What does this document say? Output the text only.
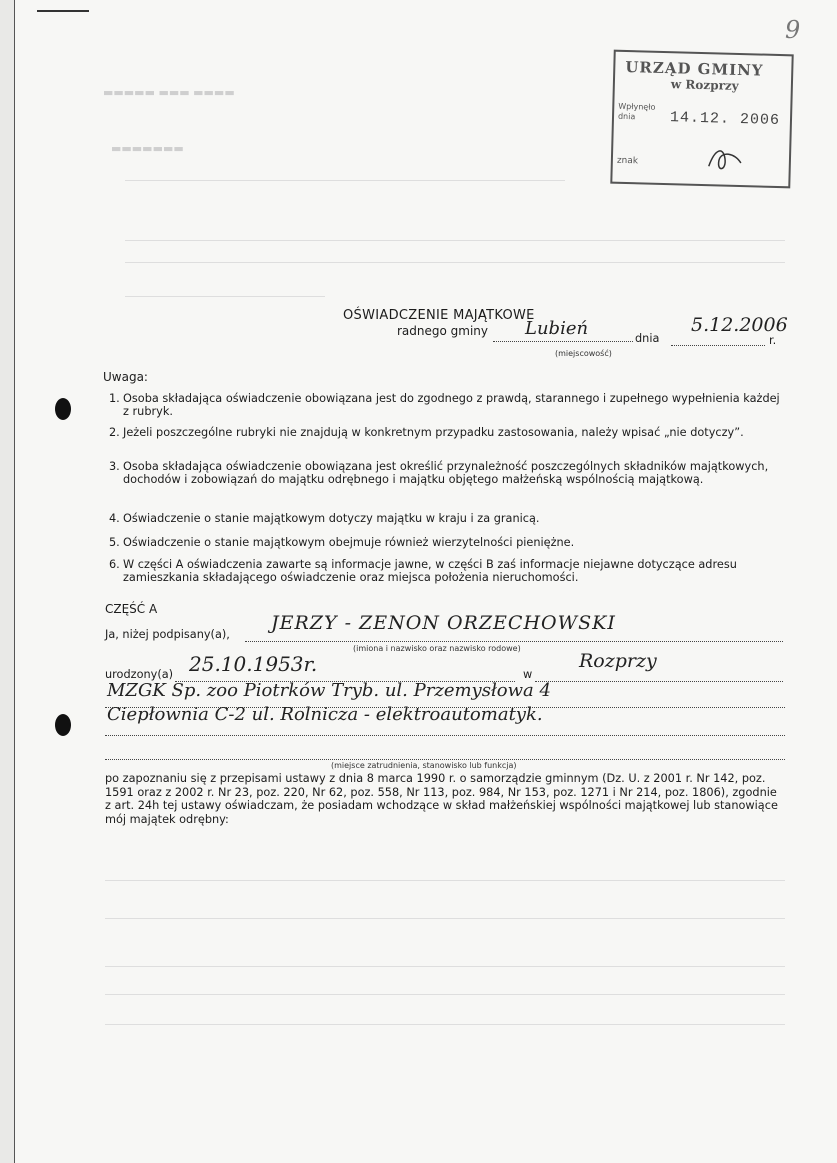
9
▬▬▬▬▬ ▬▬▬ ▬▬▬▬
▬▬▬▬▬▬▬
URZĄD GMINY
w Rozprzy
Wpłynęło
dnia 14.12. 2006
znak
OŚWIADCZENIE MAJĄTKOWE
radnego gminy Lubień
(miejscowość)
dnia
5.12.2006
r.
Uwaga:
1. Osoba składająca oświadczenie obowiązana jest do zgodnego z prawdą, starannego i zupełnego wypełnienia każdej z rubryk.
2. Jeżeli poszczególne rubryki nie znajdują w konkretnym przypadku zastosowania, należy wpisać „nie dotyczy”.
3. Osoba składająca oświadczenie obowiązana jest określić przynależność poszczególnych składników majątkowych, dochodów i zobowiązań do majątku odrębnego i majątku objętego małżeńską wspólnością majątkową.
4. Oświadczenie o stanie majątkowym dotyczy majątku w kraju i za granicą.
5. Oświadczenie o stanie majątkowym obejmuje również wierzytelności pieniężne.
6. W części A oświadczenia zawarte są informacje jawne, w części B zaś informacje niejawne dotyczące adresu zamieszkania składającego oświadczenie oraz miejsca położenia nieruchomości.
CZĘŚĆ A
Ja, niżej podpisany(a),
JERZY - ZENON ORZECHOWSKI
(imiona i nazwisko oraz nazwisko rodowe)
urodzony(a) 25.10.1953r.	w
Rozprzy
MZGK Sp. zoo Piotrków Tryb. ul. Przemysłowa 4
Ciepłownia C-2 ul. Rolnicza - elektroautomatyk.
(miejsce zatrudnienia, stanowisko lub funkcja)
po zapoznaniu się z przepisami ustawy z dnia 8 marca 1990 r. o samorządzie gminnym (Dz. U. z 2001 r. Nr 142, poz. 1591 oraz z 2002 r. Nr 23, poz. 220, Nr 62, poz. 558, Nr 113, poz. 984, Nr 153, poz. 1271 i Nr 214, poz. 1806), zgodnie z art. 24h tej ustawy oświadczam, że posiadam wchodzące w skład małżeńskiej wspólności majątkowej lub stanowiące mój majątek odrębny:
